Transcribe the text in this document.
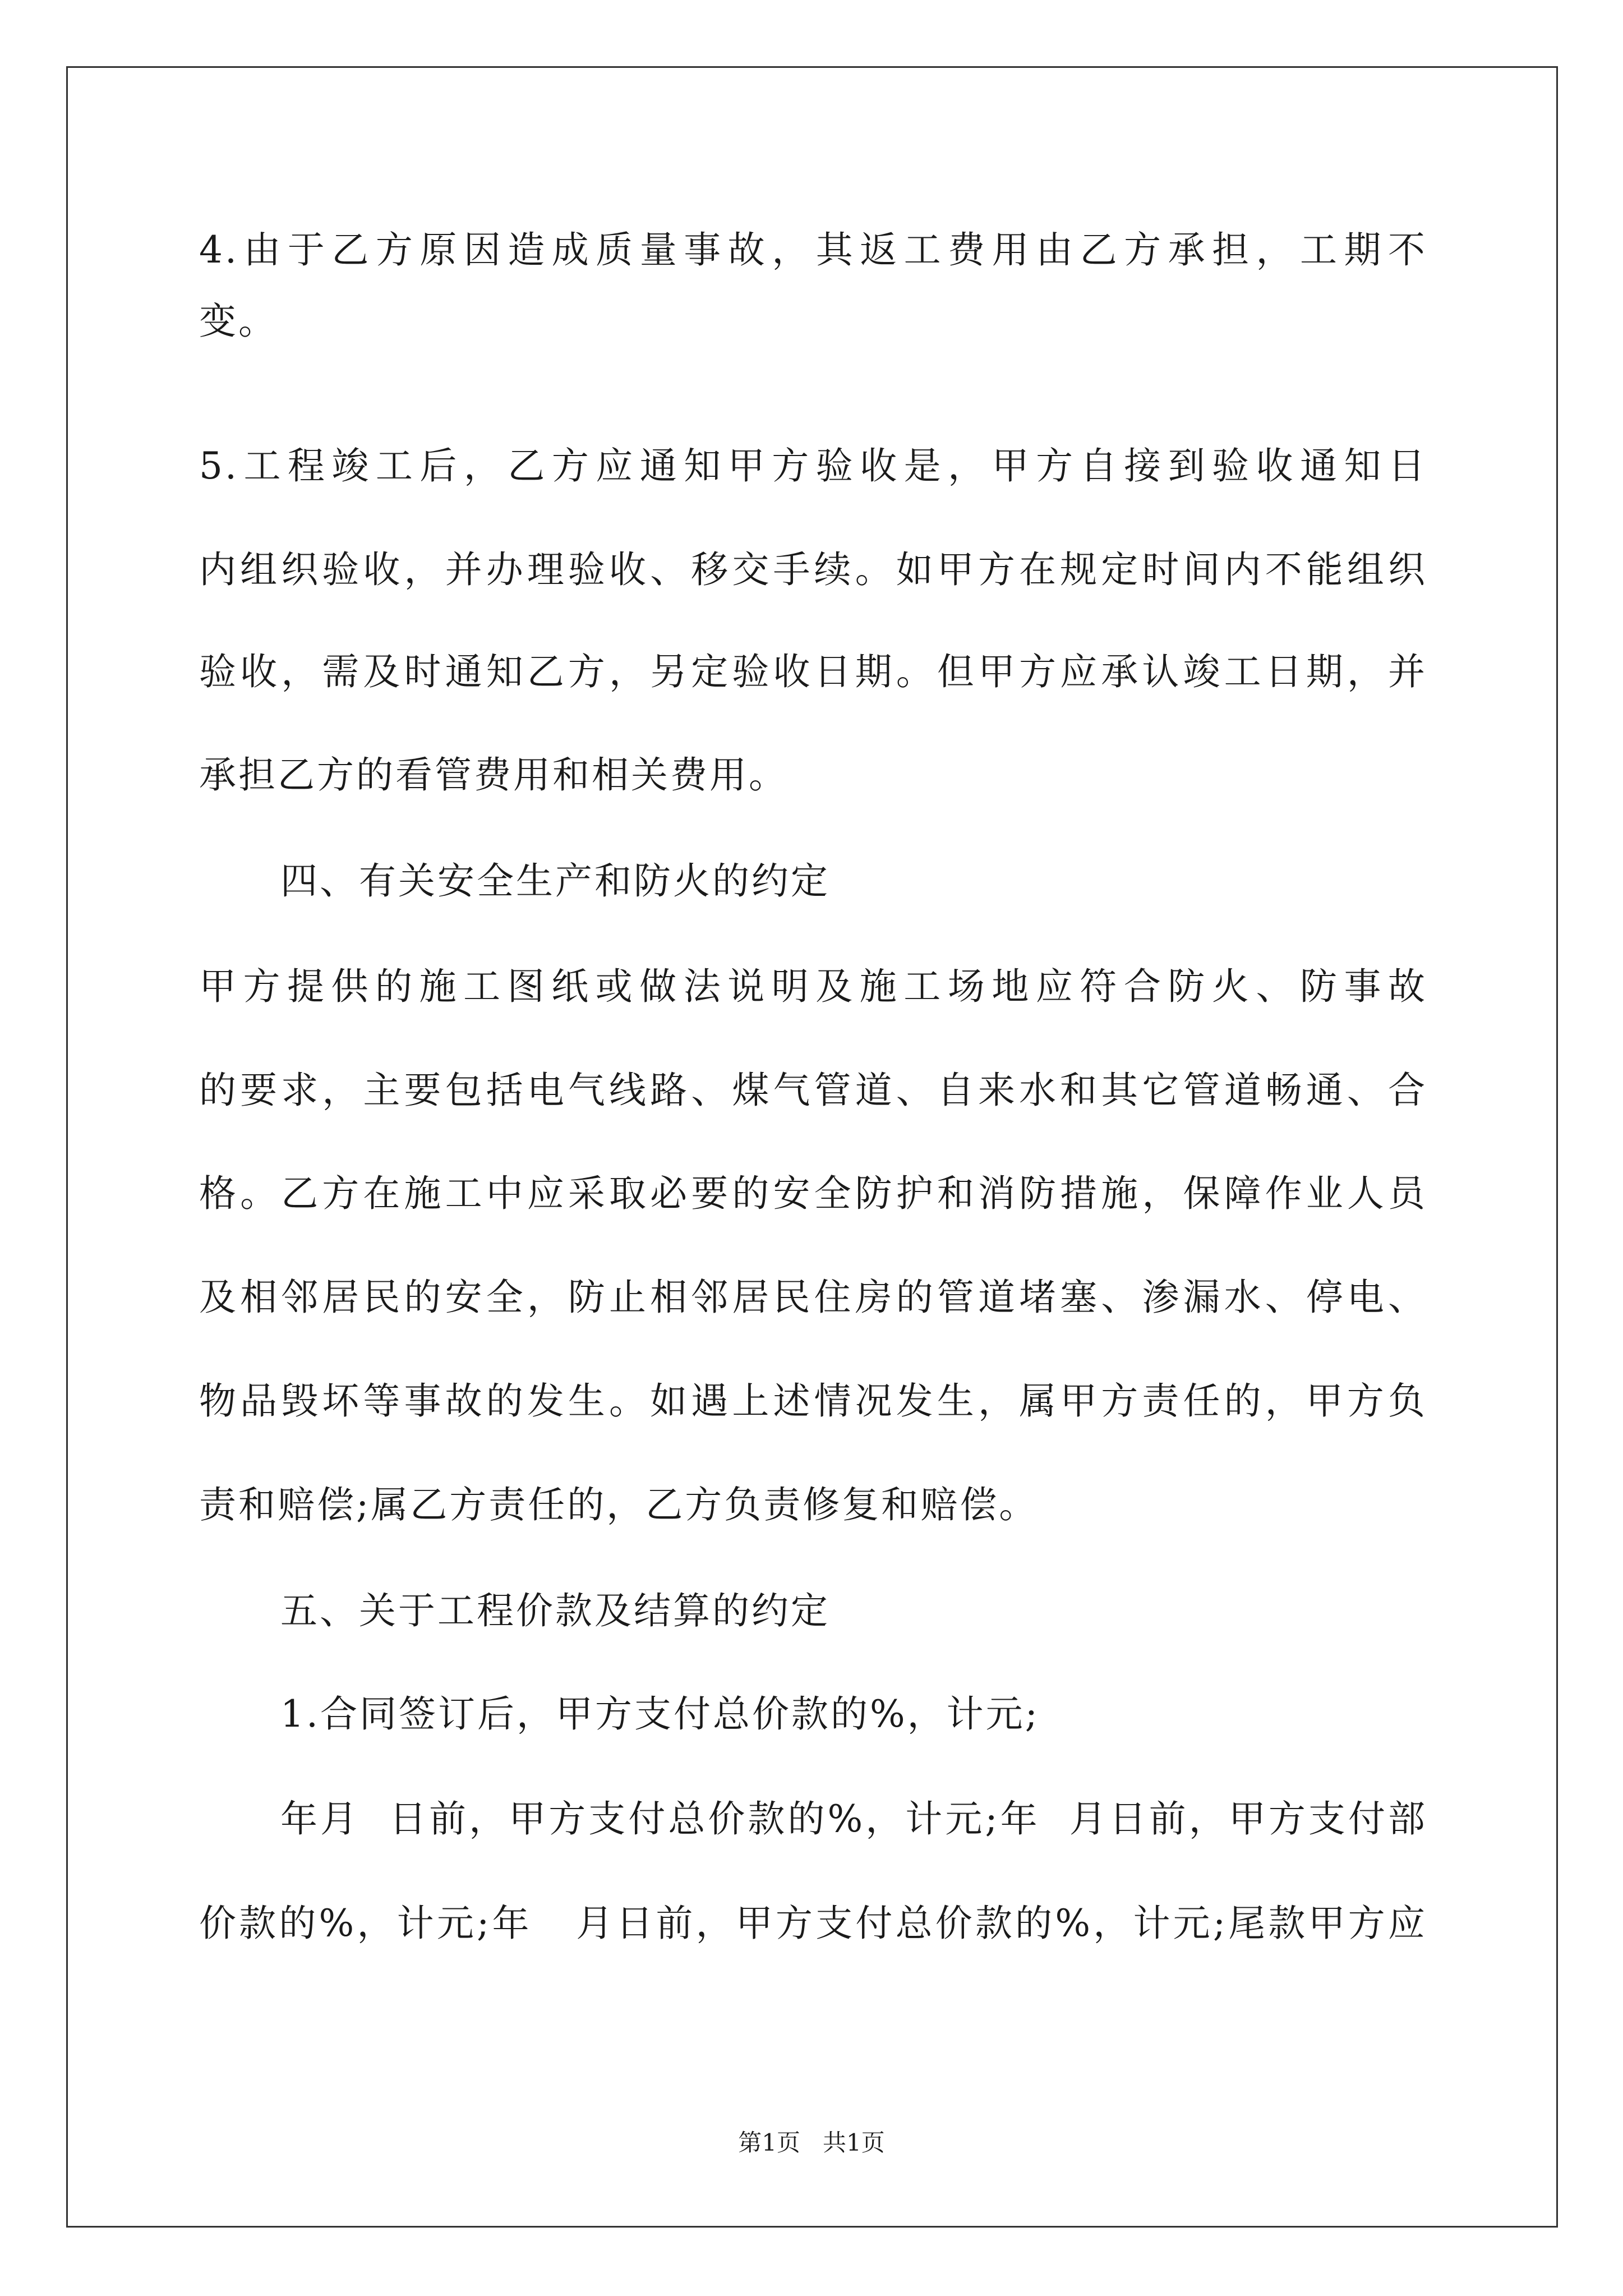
4.由于乙方原因造成质量事故，其返工费用由乙方承担，工期不
变。
5.工程竣工后，乙方应通知甲方验收是，甲方自接到验收通知日
内组织验收，并办理验收、移交手续。如甲方在规定时间内不能组织
验收，需及时通知乙方，另定验收日期。但甲方应承认竣工日期，并
承担乙方的看管费用和相关费用。
四、有关安全生产和防火的约定
甲方提供的施工图纸或做法说明及施工场地应符合防火、防事故
的要求，主要包括电气线路、煤气管道、自来水和其它管道畅通、合
格。乙方在施工中应采取必要的安全防护和消防措施，保障作业人员
及相邻居民的安全，防止相邻居民住房的管道堵塞、渗漏水、停电、
物品毁坏等事故的发生。如遇上述情况发生，属甲方责任的，甲方负
责和赔偿;属乙方责任的，乙方负责修复和赔偿。
五、关于工程价款及结算的约定
1.合同签订后，甲方支付总价款的%，计元;
年月  日前，甲方支付总价款的%，计元;年  月日前，甲方支付部
价款的%，计元;年   月日前，甲方支付总价款的%，计元;尾款甲方应
第1页   共1页
